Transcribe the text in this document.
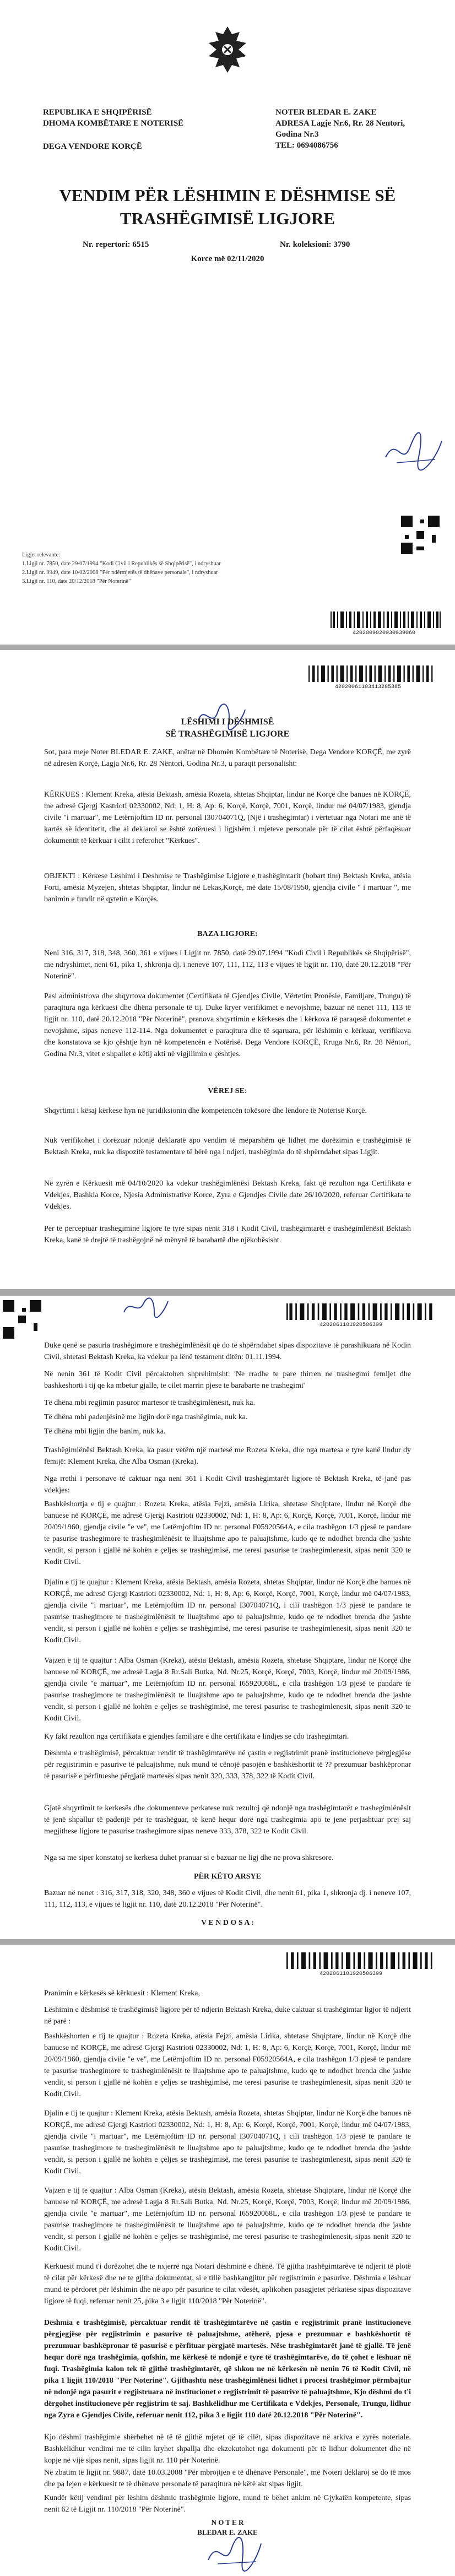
REPUBLIKA E SHQIPËRISË
DHOMA KOMBËTARE E NOTERISË
DEGA VENDORE KORÇË
NOTER BLEDAR E. ZAKE
ADRESA Lagje Nr.6, Rr. 28 Nentori,
Godina Nr.3
TEL: 0694086756
VENDIM PËR LËSHIMIN E DËSHMISE SË
TRASHËGIMISË LIGJORE
Nr. repertori: 6515	Nr. koleksioni: 3790
Korce më 02/11/2020
Ligjet relevante:
1.Ligji nr. 7850, date 29/07/1994 "Kodi Civil i Republikës së Shqipërisë", i ndryshuar
2.Ligji nr. 9949, date 10/02/2008 "Për ndërmjetës të dhënave personale", i ndryshuar
3.Ligji nr. 110, date 20/12/2018 "Për Noterinë"
4202009020930939060
42020061103413285385
LËSHIMI I DËSHMISË
SË TRASHËGIMISË LIGJORE
Sot, para meje Noter BLEDAR E. ZAKE, anëtar në Dhomën Kombëtare të Noterisë, Dega Vendore KORÇË, me zyrë në adresën Korçë, Lagja Nr.6, Rr. 28 Nëntori, Godina Nr.3, u paraqit personalisht:
KËRKUES : Klement Kreka, atësia Bektash, amësia Rozeta, shtetas Shqiptar, lindur në Korçë dhe banues në KORÇË, me adresë Gjergj Kastrioti 02330002, Nd: 1, H: 8, Ap: 6, Korçë, Korçë, 7001, Korçë, lindur më 04/07/1983, gjendja civile "i martuar", me Letërnjoftim ID nr. personal I30704071Q, (Një i trashëgimtar) i vërtetuar nga Notari me anë të kartës së identitetit, dhe ai deklaroi se është zotëruesi i ligjshëm i mjeteve personale për të cilat është përfaqësuar dokumentit të kërkuar i cilit i referohet "Kërkues".
OBJEKTI : Kërkese Lëshimi i Deshmise te Trashëgimise Ligjore e trashëgimtarit (bobart tim) Bektash Kreka, atësia Forti, amësia Myzejen, shtetas Shqiptar, lindur në Lekas,Korçë, më date 15/08/1950, gjendja civile " i martuar ", me banimin e fundit në qytetin e Korçës.
BAZA LIGJORE:
Neni 316, 317, 318, 348, 360, 361 e vijues i Ligjit nr. 7850, datë 29.07.1994 "Kodi Civil i Republikës së Shqipërisë", me ndryshimet, neni 61, pika 1, shkronja dj. i neneve 107, 111, 112, 113 e vijues të ligjit nr. 110, datë 20.12.2018 "Për Noterinë".
Pasi administrova dhe shqyrtova dokumentet (Certifikata të Gjendjes Civile, Vërtetim Pronësie, Familjare, Trungu) të paraqitura nga kërkuesi dhe dhëna personale të tij. Duke kryer verifikimet e nevojshme, bazuar në nenet 111, 113 të ligjit nr. 110, datë 20.12.2018 "Për Noterinë", pranova shqyrtimin e kërkesës dhe i kërkova të paraqesë dokumentet e nevojshme, sipas neneve 112-114. Nga dokumentet e paraqitura dhe të sqaruara, për lëshimin e kërkuar, verifikova dhe konstatova se kjo çështje hyn në kompetencën e Notërisë. Dega Vendore KORÇË, Rruga Nr.6, Rr. 28 Nëntori, Godina Nr.3, vitet e shpallet e këtij akti në vigjilimin e çështjes.
VËREJ SE:
Shqyrtimi i kësaj kërkese hyn në juridiksionin dhe kompetencën tokësore dhe lëndore të Noterisë Korçë.
Nuk verifikohet i dorëzuar ndonjë deklaratë apo vendim të mëparshëm që lidhet me dorëzimin e trashëgimisë të Bektash Kreka, nuk ka dispozitë testamentare të bërë nga i ndjeri, trashëgimia do të shpërndahet sipas Ligjit.
Në zyrën e Kërkuesit më 04/10/2020 ka vdekur trashëgimlënësi Bektash Kreka, fakt që rezulton nga Certifikata e Vdekjes, Bashkia Korce, Njesia Administrative Korce, Zyra e Gjendjes Civile date 26/10/2020, referuar Certifikata te Vdekjes.
Per te perceptuar trashegimine ligjore te tyre sipas nenit 318 i Kodit Civil, trashëgimtarët e trashëgimlënësit Bektash Kreka, kanë të drejtë të trashëgojnë në mënyrë të barabartë dhe njëkohësisht.
4202061101920506399
Duke qenë se pasuria trashëgimore e trashëgimlënësit që do të shpërndahet sipas dispozitave të parashikuara në Kodin Civil, shtetasi Bektash Kreka, ka vdekur pa lënë testament ditën: 01.11.1994.
Në nenin 361 të Kodit Civil përcaktohen shprehimisht: 'Ne rradhe te pare thirren ne trashegimi femijet dhe bashkeshorti i tij qe ka mbetur gjalle, te cilet marrin pjese te barabarte ne trashegimi'
Të dhëna mbi regjimin pasuror martesor të trashëgimlënësit, nuk ka.
Të dhëna mbi padenjësinë me ligjin dorë nga trashëgimia, nuk ka.
Të dhëna mbi ligjin dhe banim, nuk ka.
Trashëgimlënësi Bektash Kreka, ka pasur vetëm një martesë me Rozeta Kreka, dhe nga martesa e tyre kanë lindur dy fëmijë: Klement Kreka, dhe Alba Osman (Kreka).
Nga rrethi i personave të caktuar nga neni 361 i Kodit Civil trashëgimtarët ligjore të Bektash Kreka, të janë pas vdekjes:
Bashkëshortja e tij e quajtur : Rozeta Kreka, atësia Fejzi, amësia Lirika, shtetase Shqiptare, lindur në Korçë dhe banuese në KORÇË, me adresë Gjergj Kastrioti 02330002, Nd: 1, H: 8, Ap: 6, Korçë, Korçë, 7001, Korçë, lindur më 20/09/1960, gjendja civile "e ve", me Letërnjoftim ID nr. personal F05920564A, e cila trashëgon 1/3 pjesë te pandare te pasurise trashegimore te trashegimlënësit te lluajtshme apo te paluajtshme, kudo qe te ndodhet brenda dhe jashte vendit, si person i gjallë në kohën e çeljes se trashëgimisë, me teresi pasurise te trashegimlenesit, sipas nenit 320 te Kodit Civil.
Djalin e tij te quajtur : Klement Kreka, atësia Bektash, amësia Rozeta, shtetas Shqiptar, lindur në Korçë dhe banues në KORÇË, me adresë Gjergj Kastrioti 02330002, Nd: 1, H: 8, Ap: 6, Korçë, Korçë, 7001, Korçë, lindur më 04/07/1983, gjendja civile "i martuar", me Letërnjoftim ID nr. personal I30704071Q, i cili trashëgon 1/3 pjesë te pandare te pasurise trashegimore te trashegimlënësit te lluajtshme apo te paluajtshme, kudo qe te ndodhet brenda dhe jashte vendit, si person i gjallë në kohën e çeljes se trashëgimisë, me teresi pasurise te trashegimlenesit, sipas nenit 320 te Kodit Civil.
Vajzen e tij te quajtur : Alba Osman (Kreka), atësia Bektash, amësia Rozeta, shtetase Shqiptare, lindur në Korçë dhe banuese në KORÇË, me adresë Lagja 8 Rr.Sali Butka, Nd. Nr.25, Korçë, Korçë, 7003, Korçë, lindur më 20/09/1986, gjendja civile "e martuar", me Letërnjoftim ID nr. personal I65920068L, e cila trashëgon 1/3 pjesë te pandare te pasurise trashegimore te trashegimlënësit te lluajtshme apo te paluajtshme, kudo qe te ndodhet brenda dhe jashte vendit, si person i gjallë në kohën e çeljes se trashëgimisë, me teresi pasurise te trashegimlenesit, sipas nenit 320 te Kodit Civil.
Ky fakt rezulton nga certifikata e gjendjes familjare e dhe certifikata e lindjes se cdo trashegimtari.
Dëshmia e trashëgimisë, përcaktuar rendit të trashëgimtarëve në çastin e regjistrimit pranë institucioneve përgjegjëse për regjistrimin e pasurive të paluajtshme, nuk mund të cënojë pasojën e bashkëshortit të ?? prezumuar bashkëpronar të pasurisë e përfitueshe përgjatë martesës sipas nenit 320, 333, 378, 322 të Kodit Civil.
Gjatë shqyrtimit te kerkesës dhe dokumenteve perkatese nuk rezultoj që ndonjë nga trashëgimtarët e trashegimlënësit të jenë shpallur të padenjë për te trashëguar, të kenë hequr dorë nga trashegimia apo te jene perjashtuar prej saj megjithese ligjore te pasurise trashegimore sipas neneve 333, 378, 322 te Kodit Civil.
Nga sa me siper konstatoj se kerkesa duhet pranuar si e bazuar ne ligj dhe ne prova shkresore.
PËR KËTO ARSYE
Bazuar në nenet : 316, 317, 318, 320, 348, 360 e vijues të Kodit Civil, dhe nenit 61, pika 1, shkronja dj. i neneve 107, 111, 112, 113, e vijues të ligjit nr. 110, datë 20.12.2018 "Për Noterinë".
V E N D O S A :
4202061101920506399
Pranimin e kërkesës së kërkuesit : Klement Kreka,
Lëshimin e dëshmisë të trashëgimisë ligjore për të ndjerin Bektash Kreka, duke caktuar si trashëgimtar ligjor të ndjerit në parë :
Bashkëshorten e tij te quajtur : Rozeta Kreka, atësia Fejzi, amësia Lirika, shtetase Shqiptare, lindur në Korçë dhe banuese në KORÇË, me adresë Gjergj Kastrioti 02330002, Nd: 1, H: 8, Ap: 6, Korçë, Korçë, 7001, Korçë, lindur më 20/09/1960, gjendja civile "e ve", me Letërnjoftim ID nr. personal F05920564A, e cila trashëgon 1/3 pjesë te pandare te pasurise trashegimore te trashegimlënësit te lluajtshme apo te paluajtshme, kudo qe te ndodhet brenda dhe jashte vendit, si person i gjallë në kohën e çeljes se trashëgimisë, me teresi pasurise te trashegimlenesit, sipas nenit 320 te Kodit Civil.
Djalin e tij te quajtur : Klement Kreka, atësia Bektash, amësia Rozeta, shtetas Shqiptar, lindur në Korçë dhe banues në KORÇË, me adresë Gjergj Kastrioti 02330002, Nd: 1, H: 8, Ap: 6, Korçë, Korçë, 7001, Korçë, lindur më 04/07/1983, gjendja civile "i martuar", me Letërnjoftim ID nr. personal I30704071Q, i cili trashëgon 1/3 pjesë te pandare te pasurise trashegimore te trashegimlënësit te lluajtshme apo te paluajtshme, kudo qe te ndodhet brenda dhe jashte vendit, si person i gjallë në kohën e çeljes se trashëgimisë, me teresi pasurise te trashegimlenesit, sipas nenit 320 te Kodit Civil.
Vajzen e tij te quajtur : Alba Osman (Kreka), atësia Bektash, amësia Rozeta, shtetase Shqiptare, lindur në Korçë dhe banuese në KORÇË, me adresë Lagja 8 Rr.Sali Butka, Nd. Nr.25, Korçë, Korçë, 7003, Korçë, lindur më 20/09/1986, gjendja civile "e martuar", me Letërnjoftim ID nr. personal I65920068L, e cila trashëgon 1/3 pjesë te pandare te pasurise trashegimore te trashegimlënësit te lluajtshme apo te paluajtshme, kudo qe te ndodhet brenda dhe jashte vendit, si person i gjallë në kohën e çeljes se trashëgimisë, me teresi pasurise te trashegimlenesit, sipas nenit 320 te Kodit Civil.
Kërkuesit mund t'i dorëzohet dhe te nxjerrë nga Notari dëshminë e dhënë. Të gjitha trashëgimtarëve të ndjerit të plotë të cilat për kërkesë dhe ne te gjitha dokumentat, si e tillë bashkangjitur për regjistrimin e pasurive. Dëshmia e lëshuar mund të përdoret për lëshimin dhe në apo për pasurine te cilat vdesët, aplikohen pasagjetet përkatëse sipas dispozitave ligjore të fuqi, referuar nenit 25, pika 3 e ligjit 110/2018 "Për Noterinë".
Dëshmia e trashëgimisë, përcaktuar rendit të trashëgimtarëve në çastin e regjistrimit pranë institucioneve përgjegjëse për regjistrimin e pasurive të paluajtshme, atëherë, pjesa e prezumuar e bashkëshortit të prezumuar bashkëpronar të pasurisë e përfituar përgjatë martesës. Nëse trashëgimtarët janë të gjallë. Të jenë hequr dorë nga trashëgimia, qofshin, me kërkesë të ndonjë e tyre të trashëgimtarëve, do të çohet e lëshuar në fuqi. Trashëgimia kalon tek të gjithë trashëgimtarët, që shkon ne në kërkesën në nenin 76 të Kodit Civil, në pika 1 ligjit 110/2018 "Për Noterinë". Gjithashtu nëse trashëgimlënësi lidhet i procesi trashëgimor përmbajtur në ndonjë nga pasurit e regjistruara në institucionet e regjistrimit të pasurive të paluajtshme, Kjo dëshmi do t'i dërgohet institucioneve për regjistrim të saj. Bashkëlidhur me Certifikata e Vdekjes, Personale, Trungu, lidhur nga Zyra e Gjendjes Civile, referuar nenit 112, pika 3 e ligjit 110 datë 20.12.2018 "Për Noterinë".
Kjo dëshmi trashëgimie shërbehet në të të gjithë mjetet që të cilët, sipas dispozitave në arkiva e zyrës noteriale. Bashkëlidhur vendimi me të cilin kryhet shpallja dhe ekzekutohet nga dokumenti për të lidhur dokumentet dhe në kopje në vijë sipas nenit, sipas ligjit nr. 110 për Noterinë.
Në zbatim të ligjit nr. 9887, datë 10.03.2008 "Për mbrojtjen e të dhënave Personale", më Noteri deklaroj se do të mos dhe pa lejen e kërkuesit te të dhënave personale të paraqitura në këtë akt sipas ligjit.
Kundër këtij vendimi për lëshim dëshmie trashëgimie ligjore, mund të bëhet ankim në Gjykatën kompetente, sipas nenit 62 të Ligjit nr. 110/2018 "Për Noterinë".
N O T E R
BLEDAR E. ZAKE
